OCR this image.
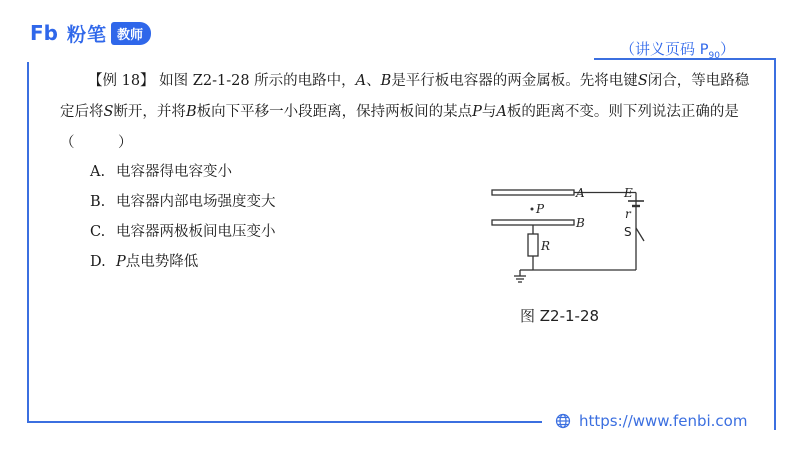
Fb 粉笔 教师
（讲义页码 $P_{90}$）
【例 18】 如图 Z2-1-28 所示的电路中，A、B是平行板电容器的两金属板。先将电键S闭合，等电路稳定后将S断开，并将B板向下平移一小段距离，保持两板间的某点P与A板的距离不变。则下列说法正确的是（　　　）
A. 电容器得电容变小
B. 电容器内部电场强度变大
C. 电容器两极板间电压变小
D. P点电势降低
A
B
P
R
E
r
S
图 Z2-1-28
https://www.fenbi.com
